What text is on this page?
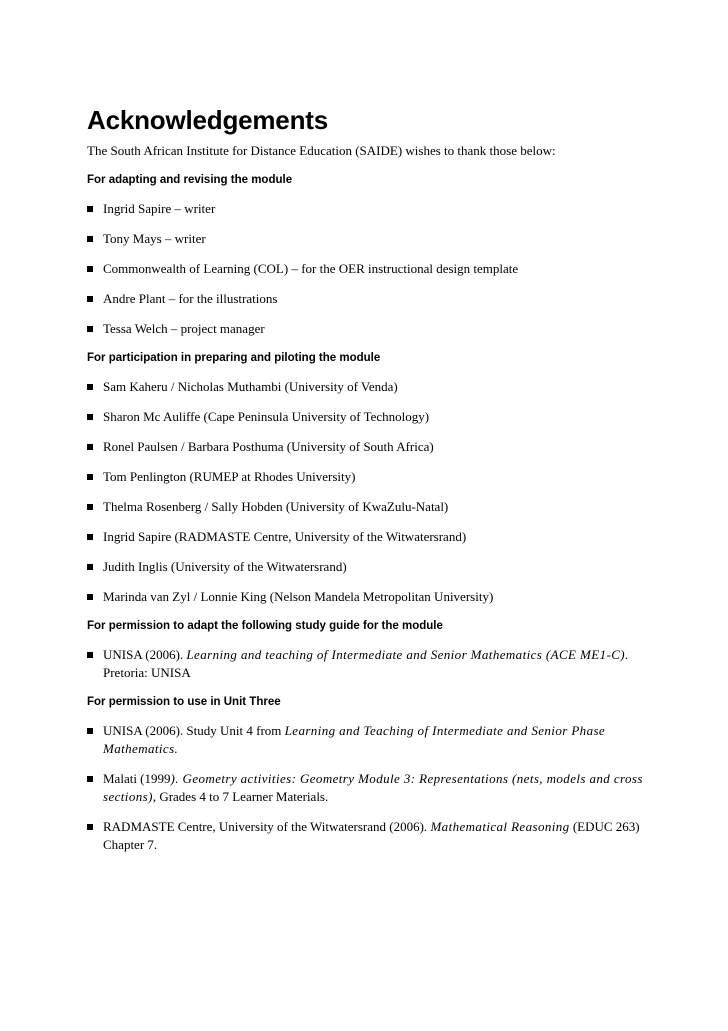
Acknowledgements

The South African Institute for Distance Education (SAIDE) wishes to thank those below:

For adapting and revising the module
Ingrid Sapire – writer
Tony Mays – writer
Commonwealth of Learning (COL) – for the OER instructional design template
Andre Plant – for the illustrations
Tessa Welch – project manager
For participation in preparing and piloting the module
Sam Kaheru / Nicholas Muthambi (University of Venda)
Sharon Mc Auliffe (Cape Peninsula University of Technology)
Ronel Paulsen / Barbara Posthuma (University of South Africa)
Tom Penlington (RUMEP at Rhodes University)
Thelma Rosenberg / Sally Hobden (University of KwaZulu-Natal)
Ingrid Sapire (RADMASTE Centre, University of the Witwatersrand)
Judith Inglis (University of the Witwatersrand)
Marinda van Zyl / Lonnie King (Nelson Mandela Metropolitan University)
For permission to adapt the following study guide for the module
UNISA (2006). Learning and teaching of Intermediate and Senior Mathematics (ACE ME1-C). Pretoria: UNISA
For permission to use in Unit Three
UNISA (2006). Study Unit 4 from Learning and Teaching of Intermediate and Senior Phase Mathematics.
Malati (1999). Geometry activities: Geometry Module 3: Representations (nets, models and cross sections), Grades 4 to 7 Learner Materials.
RADMASTE Centre, University of the Witwatersrand (2006). Mathematical Reasoning (EDUC 263) Chapter 7.
